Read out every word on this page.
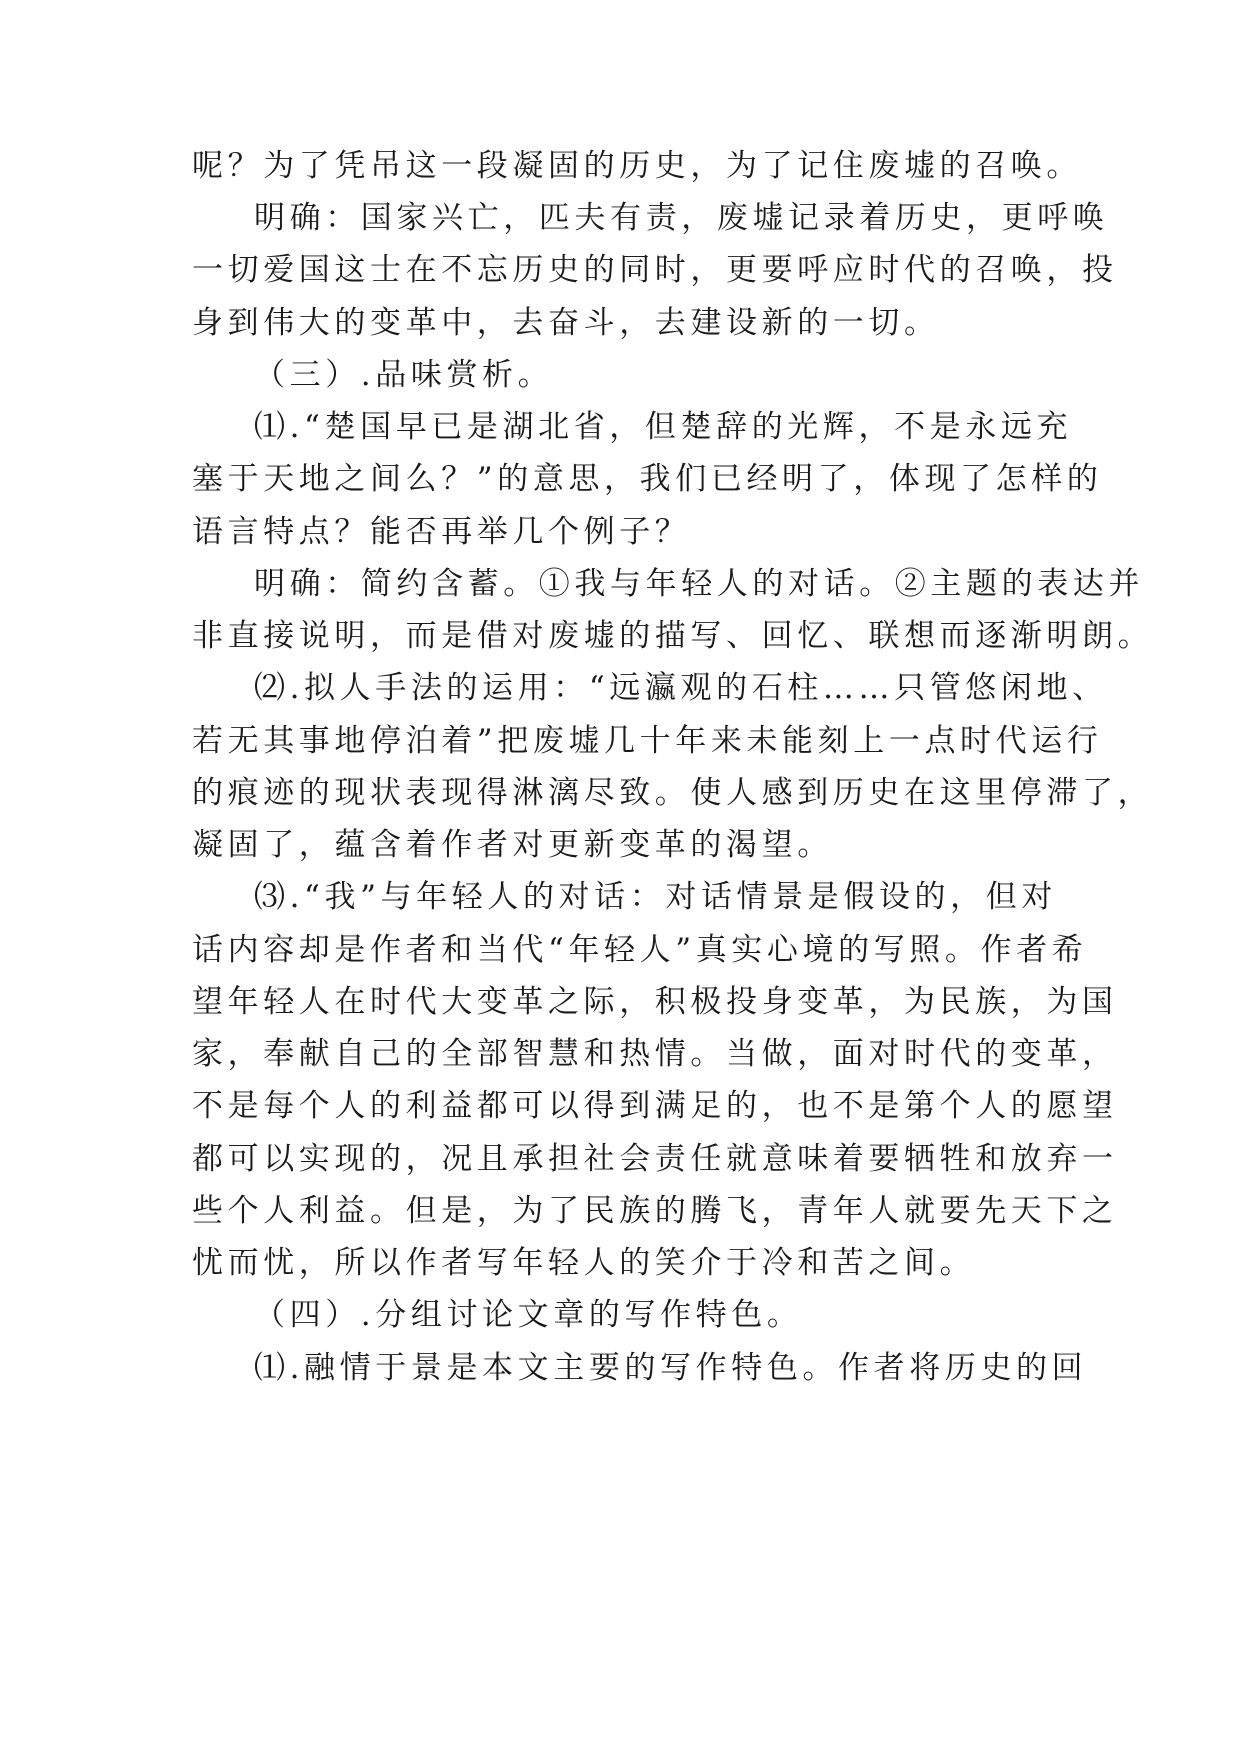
呢？为了凭吊这一段凝固的历史，为了记住废墟的召唤。
明确：国家兴亡，匹夫有责，废墟记录着历史，更呼唤
一切爱国这士在不忘历史的同时，更要呼应时代的召唤，投
身到伟大的变革中，去奋斗，去建设新的一切。
（三）.品味赏析。
⑴.“楚国早已是湖北省，但楚辞的光辉，不是永远充
塞于天地之间么？”的意思，我们已经明了，体现了怎样的
语言特点？能否再举几个例子？
明确：简约含蓄。①我与年轻人的对话。②主题的表达并
非直接说明，而是借对废墟的描写、回忆、联想而逐渐明朗。
⑵.拟人手法的运用：“远瀛观的石柱……只管悠闲地、
若无其事地停泊着”把废墟几十年来未能刻上一点时代运行
的痕迹的现状表现得淋漓尽致。使人感到历史在这里停滞了，
凝固了，蕴含着作者对更新变革的渴望。
⑶.“我”与年轻人的对话：对话情景是假设的，但对
话内容却是作者和当代“年轻人”真实心境的写照。作者希
望年轻人在时代大变革之际，积极投身变革，为民族，为国
家，奉献自己的全部智慧和热情。当做，面对时代的变革，
不是每个人的利益都可以得到满足的，也不是第个人的愿望
都可以实现的，况且承担社会责任就意味着要牺牲和放弃一
些个人利益。但是，为了民族的腾飞，青年人就要先天下之
忧而忧，所以作者写年轻人的笑介于冷和苦之间。
（四）.分组讨论文章的写作特色。
⑴.融情于景是本文主要的写作特色。作者将历史的回
